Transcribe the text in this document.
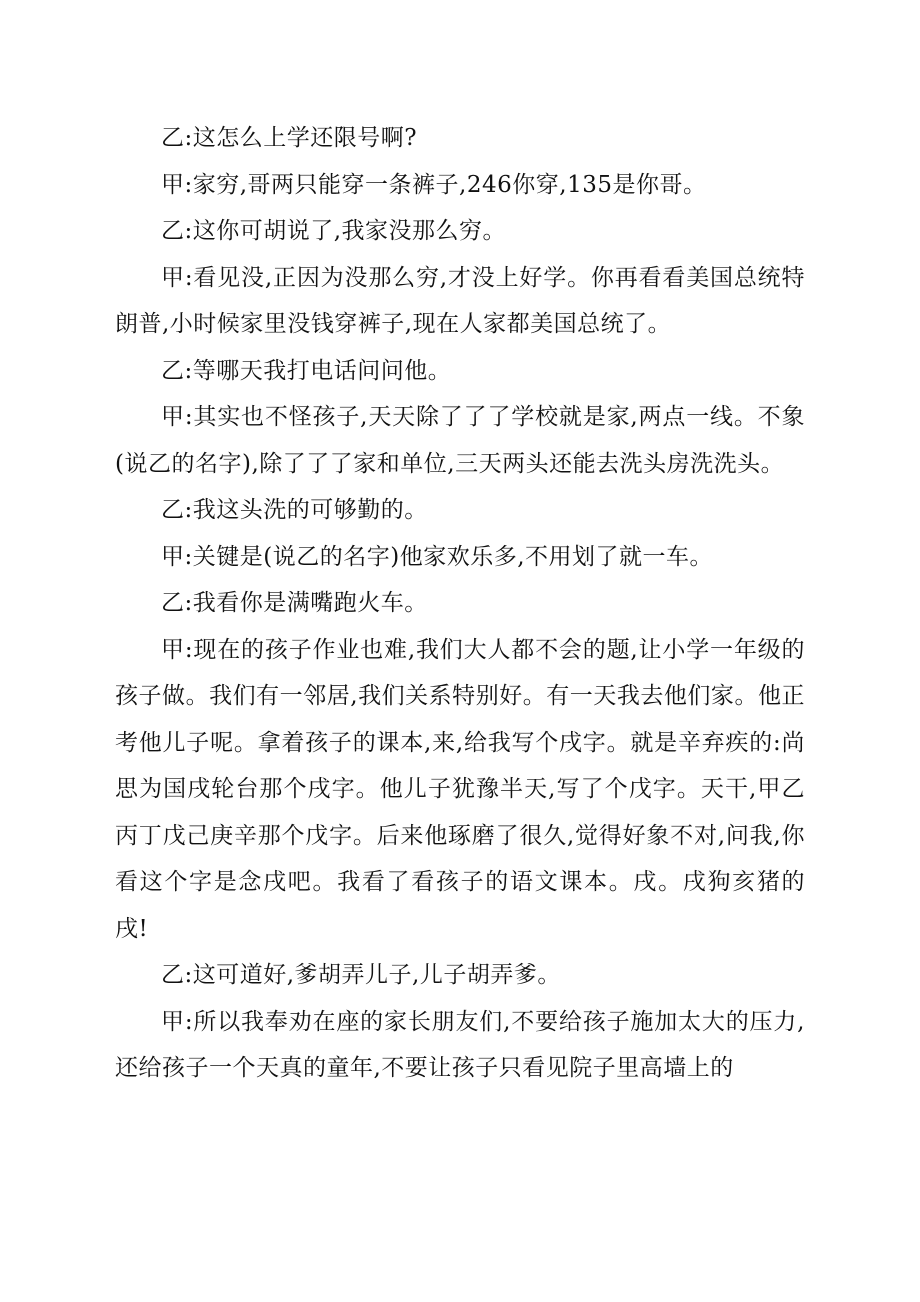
乙:这怎么上学还限号啊?

甲:家穷,哥两只能穿一条裤子,246你穿,135是你哥。

乙:这你可胡说了,我家没那么穷。

甲:看见没,正因为没那么穷,才没上好学。你再看看美国总统特朗普,小时候家里没钱穿裤子,现在人家都美国总统了。

乙:等哪天我打电话问问他。

甲:其实也不怪孩子,天天除了了了学校就是家,两点一线。不象(说乙的名字),除了了了家和单位,三天两头还能去洗头房洗洗头。

乙:我这头洗的可够勤的。

甲:关键是(说乙的名字)他家欢乐多,不用划了就一车。

乙:我看你是满嘴跑火车。

甲:现在的孩子作业也难,我们大人都不会的题,让小学一年级的孩子做。我们有一邻居,我们关系特别好。有一天我去他们家。他正考他儿子呢。拿着孩子的课本,来,给我写个戌字。就是辛弃疾的:尚思为国戌轮台那个戌字。他儿子犹豫半天,写了个戊字。天干,甲乙丙丁戊己庚辛那个戊字。后来他琢磨了很久,觉得好象不对,问我,你看这个字是念戌吧。我看了看孩子的语文课本。戌。戌狗亥猪的戌!

乙:这可道好,爹胡弄儿子,儿子胡弄爹。

甲:所以我奉劝在座的家长朋友们,不要给孩子施加太大的压力,还给孩子一个天真的童年,不要让孩子只看见院子里高墙上的
